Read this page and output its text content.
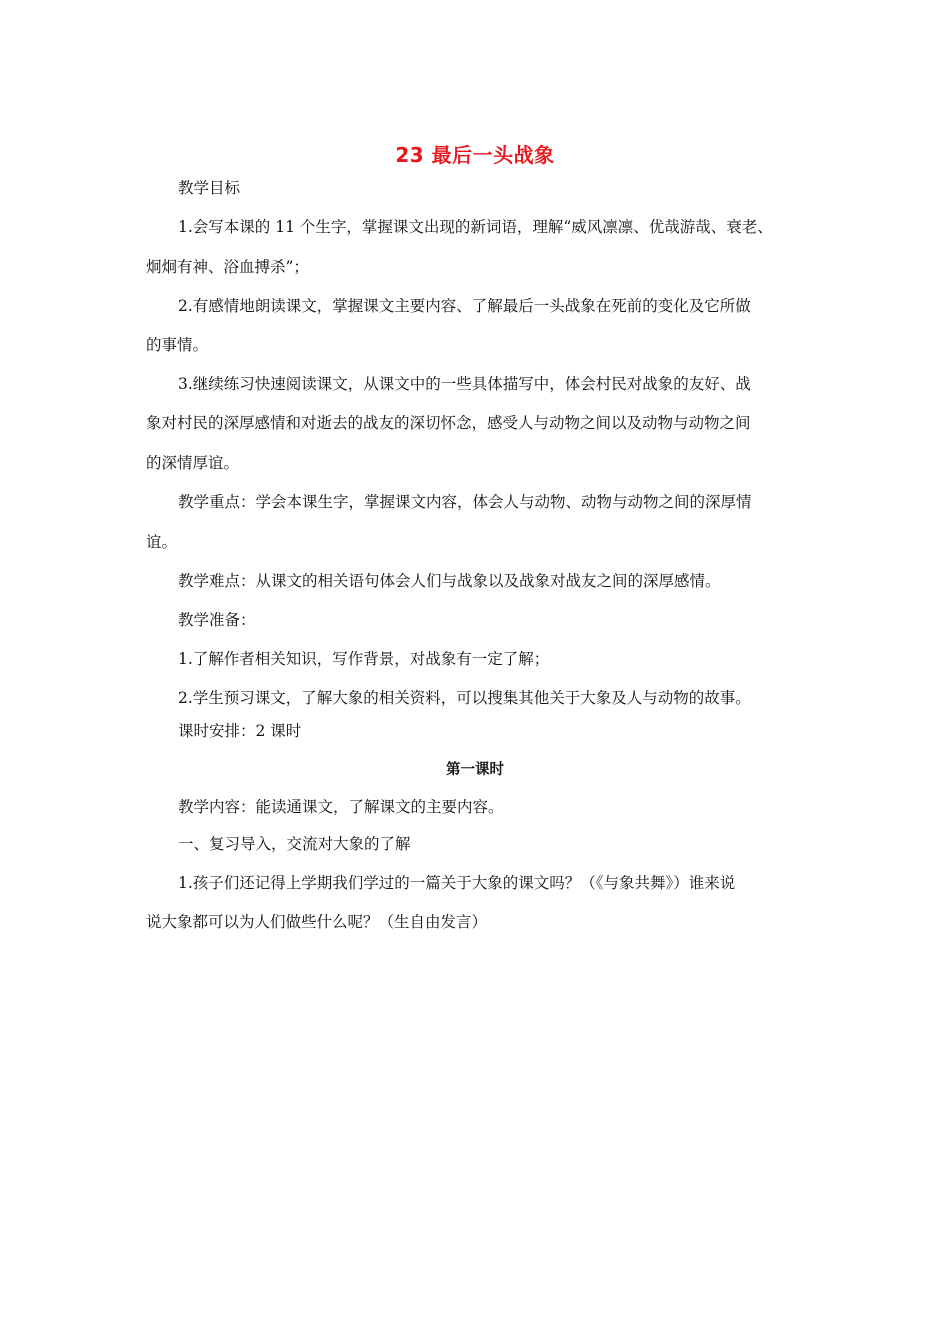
23 最后一头战象
教学目标
1.会写本课的 11 个生字，掌握课文出现的新词语，理解“威风凛凛、优哉游哉、衰老、
炯炯有神、浴血搏杀”；
2.有感情地朗读课文，掌握课文主要内容、了解最后一头战象在死前的变化及它所做
的事情。
3.继续练习快速阅读课文，从课文中的一些具体描写中，体会村民对战象的友好、战
象对村民的深厚感情和对逝去的战友的深切怀念，感受人与动物之间以及动物与动物之间
的深情厚谊。
教学重点：学会本课生字，掌握课文内容，体会人与动物、动物与动物之间的深厚情
谊。
教学难点：从课文的相关语句体会人们与战象以及战象对战友之间的深厚感情。
教学准备：
1.了解作者相关知识，写作背景，对战象有一定了解；
2.学生预习课文，了解大象的相关资料，可以搜集其他关于大象及人与动物的故事。
课时安排：2 课时
第一课时
教学内容：能读通课文，了解课文的主要内容。
一、复习导入，交流对大象的了解
1.孩子们还记得上学期我们学过的一篇关于大象的课文吗？（《与象共舞》）谁来说
说大象都可以为人们做些什么呢？（生自由发言）
